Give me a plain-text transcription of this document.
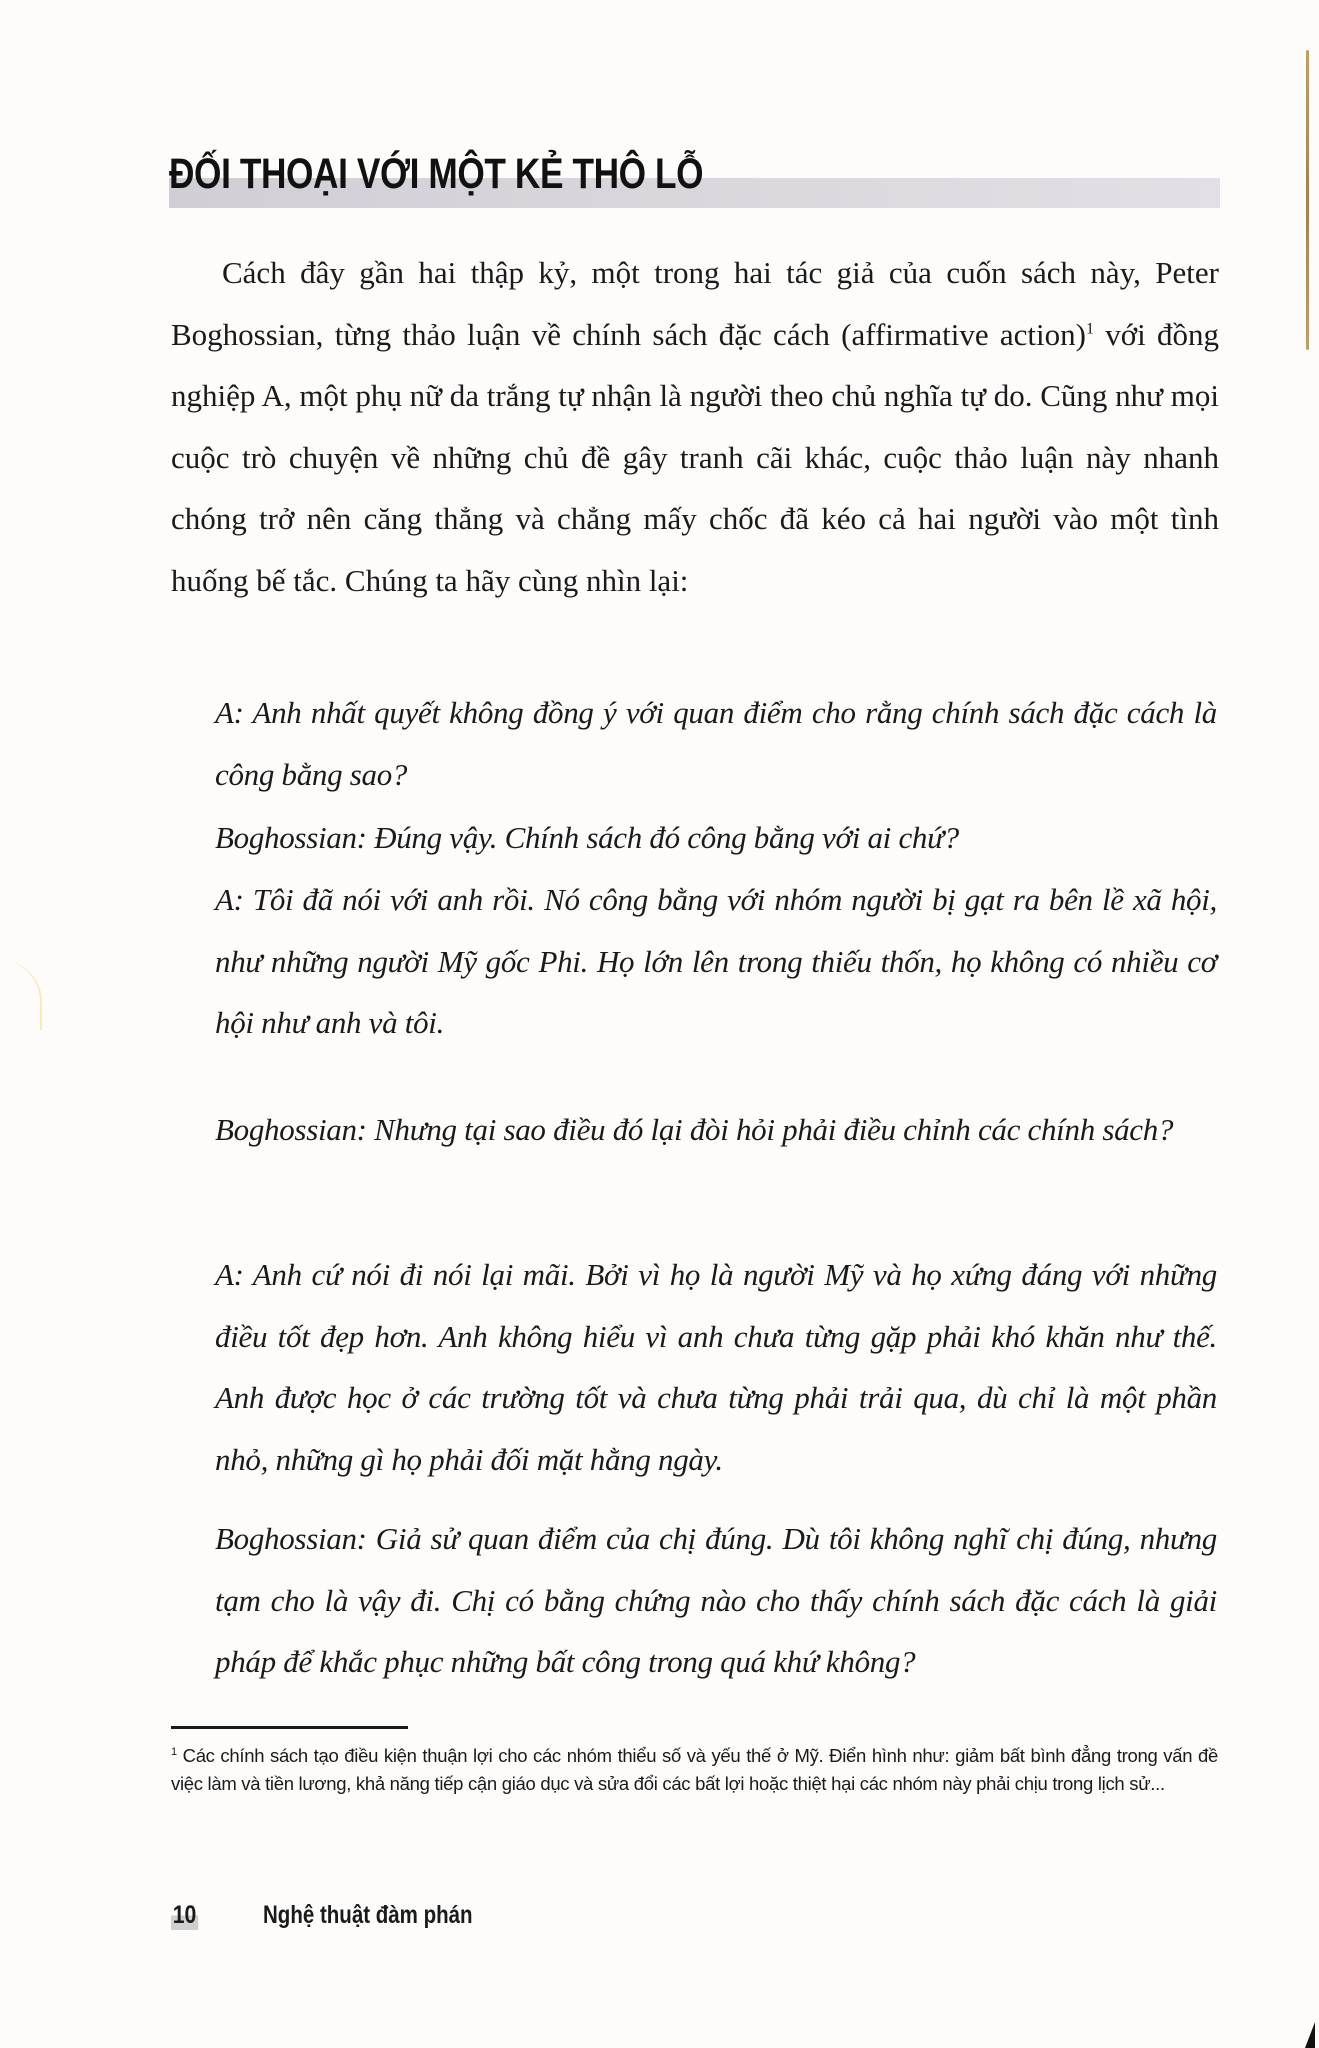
ĐỐI THOẠI VỚI MỘT KẺ THÔ LỖ

Cách đây gần hai thập kỷ, một trong hai tác giả của cuốn sách này, Peter Boghossian, từng thảo luận về chính sách đặc cách (affirmative action)$^1$ với đồng nghiệp A, một phụ nữ da trắng tự nhận là người theo chủ nghĩa tự do. Cũng như mọi cuộc trò chuyện về những chủ đề gây tranh cãi khác, cuộc thảo luận này nhanh chóng trở nên căng thẳng và chẳng mấy chốc đã kéo cả hai người vào một tình huống bế tắc. Chúng ta hãy cùng nhìn lại:

A: Anh nhất quyết không đồng ý với quan điểm cho rằng chính sách đặc cách là công bằng sao?

Boghossian: Đúng vậy. Chính sách đó công bằng với ai chứ?

A: Tôi đã nói với anh rồi. Nó công bằng với nhóm người bị gạt ra bên lề xã hội, như những người Mỹ gốc Phi. Họ lớn lên trong thiếu thốn, họ không có nhiều cơ hội như anh và tôi.

Boghossian: Nhưng tại sao điều đó lại đòi hỏi phải điều chỉnh các chính sách?

A: Anh cứ nói đi nói lại mãi. Bởi vì họ là người Mỹ và họ xứng đáng với những điều tốt đẹp hơn. Anh không hiểu vì anh chưa từng gặp phải khó khăn như thế. Anh được học ở các trường tốt và chưa từng phải trải qua, dù chỉ là một phần nhỏ, những gì họ phải đối mặt hằng ngày.

Boghossian: Giả sử quan điểm của chị đúng. Dù tôi không nghĩ chị đúng, nhưng tạm cho là vậy đi. Chị có bằng chứng nào cho thấy chính sách đặc cách là giải pháp để khắc phục những bất công trong quá khứ không?

$^1$ Các chính sách tạo điều kiện thuận lợi cho các nhóm thiểu số và yếu thế ở Mỹ. Điển hình như: giảm bất bình đẳng trong vấn đề việc làm và tiền lương, khả năng tiếp cận giáo dục và sửa đổi các bất lợi hoặc thiệt hại các nhóm này phải chịu trong lịch sử...

10	Nghệ thuật đàm phán
